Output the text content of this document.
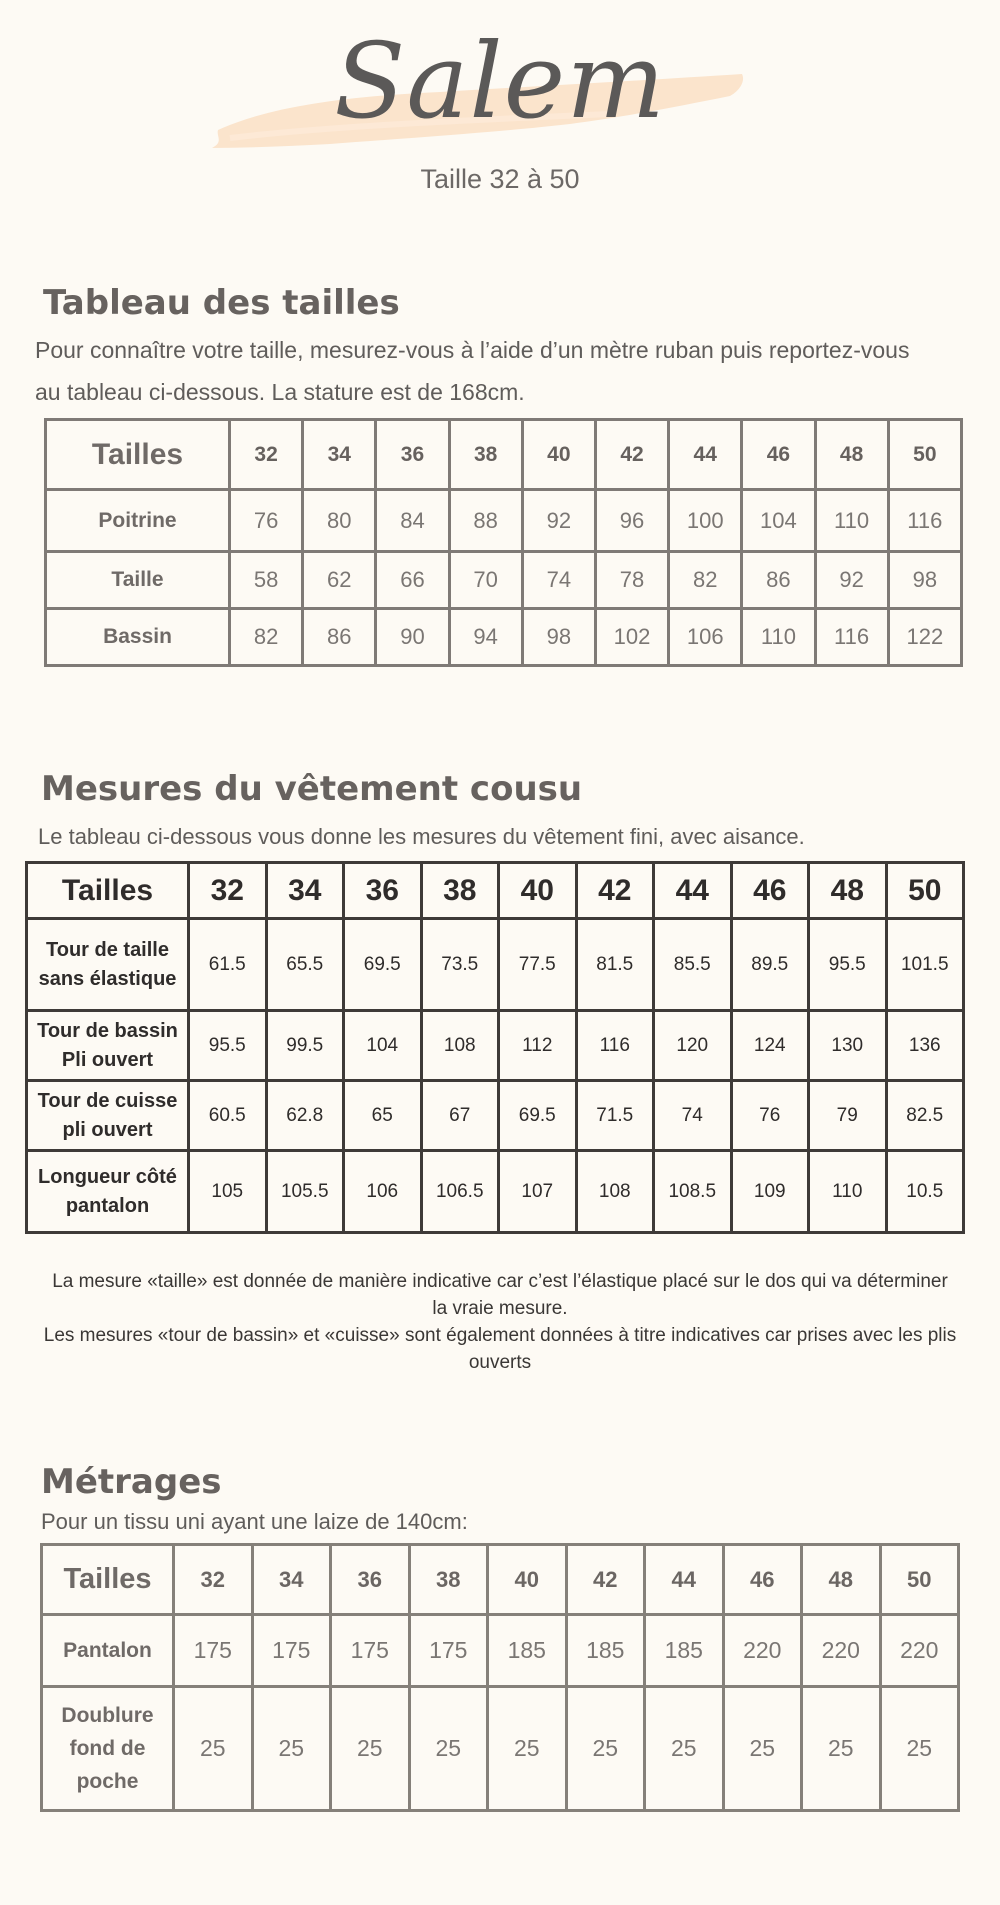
Salem
Taille 32 à 50
Tableau des tailles
Pour connaître votre taille, mesurez-vous à l’aide d’un mètre ruban puis reportez-vous
au tableau ci-dessous. La stature est de 168cm.
Tailles	32	34	36	38	40	42	44	46	48	50
Poitrine	76	80	84	88	92	96	100	104	110	116
Taille	58	62	66	70	74	78	82	86	92	98
Bassin	82	86	90	94	98	102	106	110	116	122
Mesures du vêtement cousu
Le tableau ci-dessous vous donne les mesures du vêtement fini, avec aisance.
Tailles	32	34	36	38	40	42	44	46	48	50

Tour de taille
sans élastique	61.5	65.5	69.5	73.5	77.5	81.5	85.5	89.5	95.5	101.5

Tour de bassin
Pli ouvert	95.5	99.5	104	108	112	116	120	124	130	136

Tour de cuisse
pli ouvert	60.5	62.8	65	67	69.5	71.5	74	76	79	82.5

Longueur côté
pantalon	105	105.5	106	106.5	107	108	108.5	109	110	10.5
La mesure «taille» est donnée de manière indicative car c’est l’élastique placé sur le dos qui va déterminer
la vraie mesure.
Les mesures «tour de bassin» et «cuisse» sont également données à titre indicatives car prises avec les plis
ouverts
Métrages
Pour un tissu uni ayant une laize de 140cm:
Tailles	32	34	36	38	40	42	44	46	48	50

Pantalon	175	175	175	175	185	185	185	220	220	220

Doublure
fond de
poche	25	25	25	25	25	25	25	25	25	25
